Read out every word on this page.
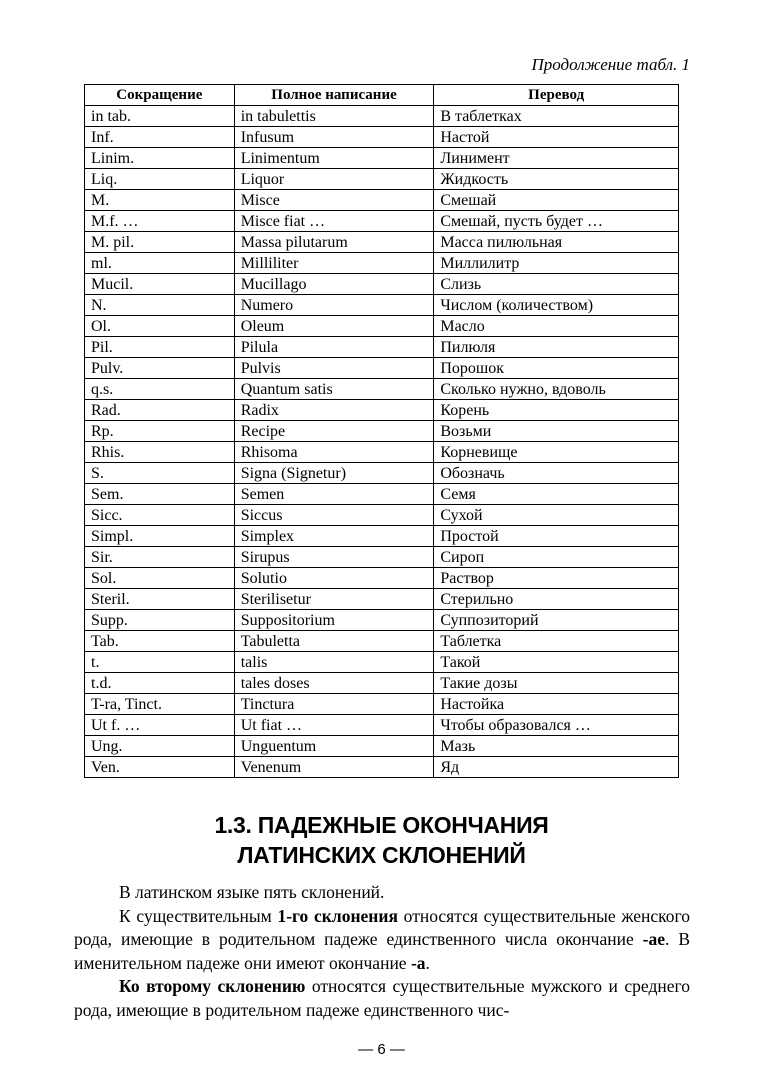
Продолжение табл. 1
Сокращение	Полное написание	Перевод
in tab.	in tabulettis	В таблетках
Inf.	Infusum	Настой
Linim.	Linimentum	Линимент
Liq.	Liquor	Жидкость
M.	Misce	Смешай
M.f. …	Misce fiat …	Смешай, пусть будет …
M. pil.	Massa pilutarum	Масса пилюльная
ml.	Milliliter	Миллилитр
Mucil.	Mucillago	Слизь
N.	Numero	Числом (количеством)
Ol.	Oleum	Масло
Pil.	Pilula	Пилюля
Pulv.	Pulvis	Порошок
q.s.	Quantum satis	Сколько нужно, вдоволь
Rad.	Radix	Корень
Rp.	Recipe	Возьми
Rhis.	Rhisoma	Корневище
S.	Signa (Signetur)	Обозначь
Sem.	Semen	Семя
Sicc.	Siccus	Сухой
Simpl.	Simplex	Простой
Sir.	Sirupus	Сироп
Sol.	Solutio	Раствор
Steril.	Sterilisetur	Стерильно
Supp.	Suppositorium	Суппозиторий
Tab.	Tabuletta	Таблетка
t.	talis	Такой
t.d.	tales doses	Такие дозы
T-ra, Tinct.	Tinctura	Настойка
Ut f. …	Ut fiat …	Чтобы образовался …
Ung.	Unguentum	Мазь
Ven.	Venenum	Яд
1.3. ПАДЕЖНЫЕ ОКОНЧАНИЯ
ЛАТИНСКИХ СКЛОНЕНИЙ

В латинском языке пять склонений.

К существительным 1-го склонения относятся существительные женского рода, имеющие в родительном падеже единственного числа окончание -ae. В именительном падеже они имеют окончание -a.

Ко второму склонению относятся существительные мужского и среднего рода, имеющие в родительном падеже единственного чис-

— 6 —
